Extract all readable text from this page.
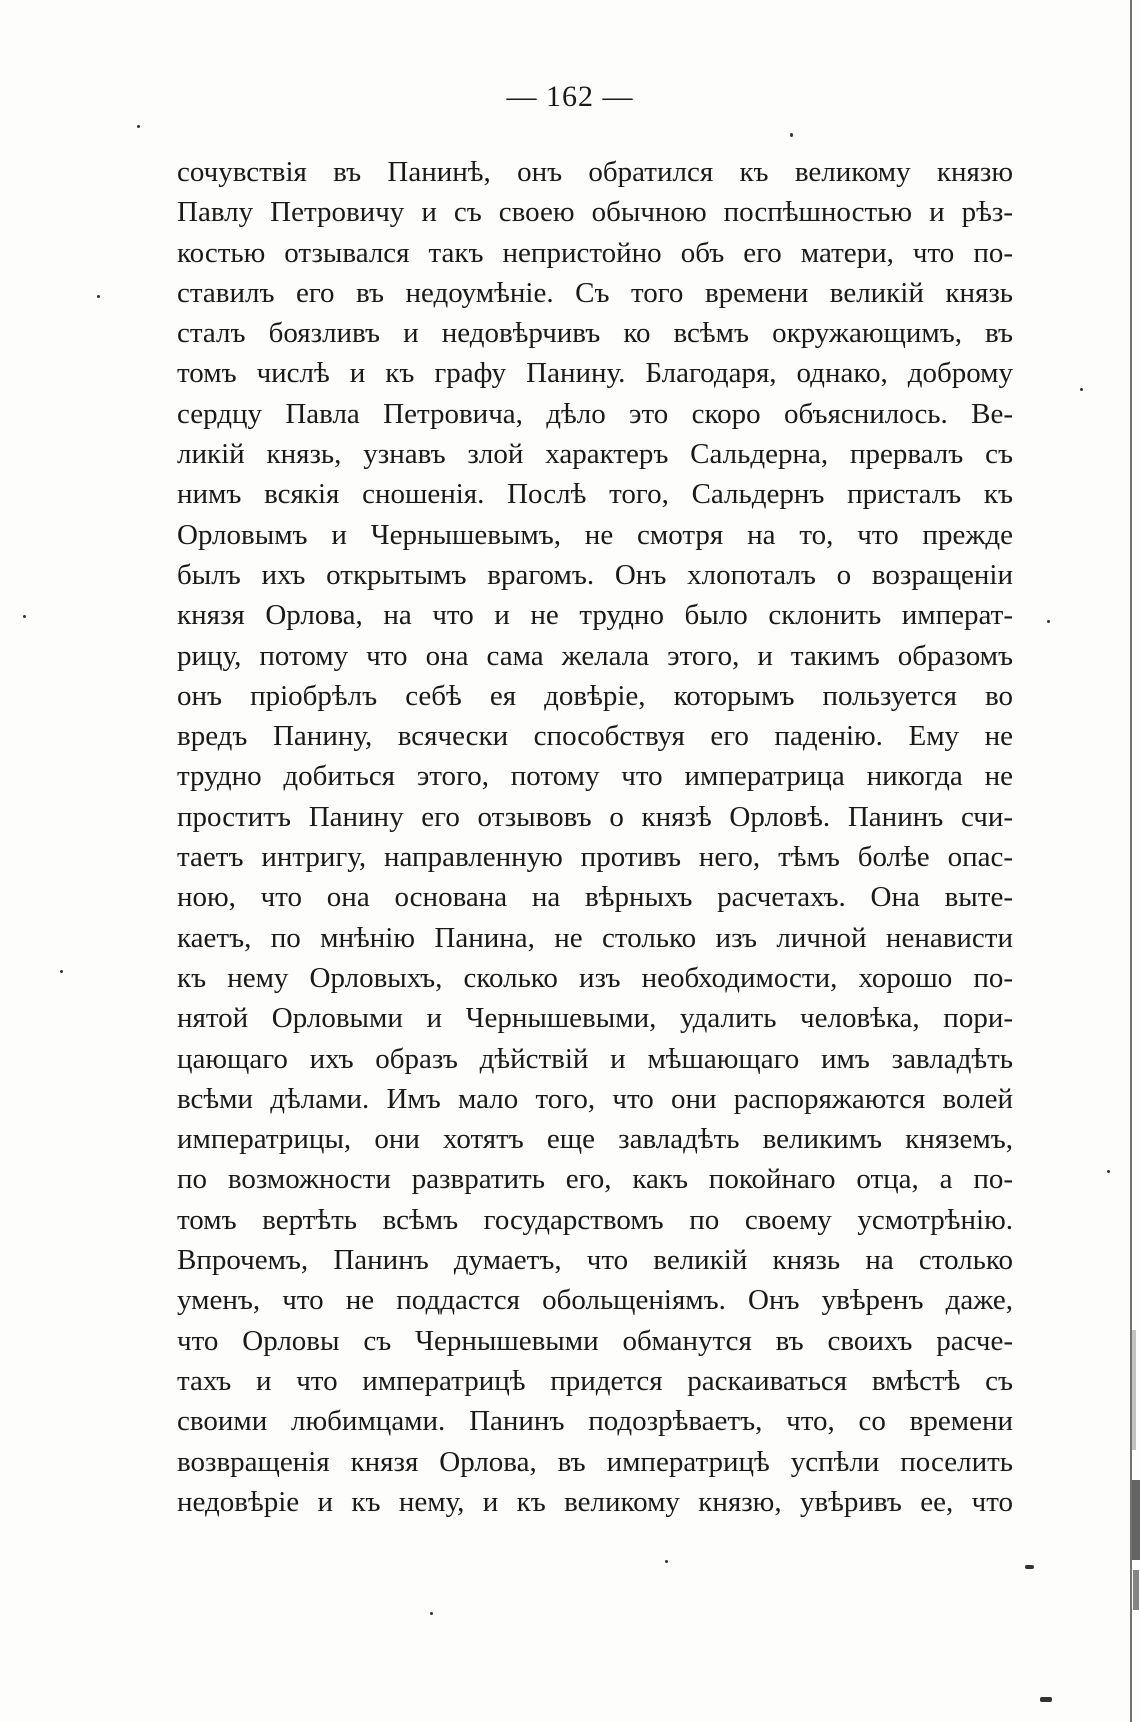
— 162 —
сочувствія въ Панинѣ, онъ обратился къ великому князю
Павлу Петровичу и съ своею обычною поспѣшностью и рѣз-
костью отзывался такъ непристойно объ его матери, что по-
ставилъ его въ недоумѣніе. Съ того времени великій князь
сталъ боязливъ и недовѣрчивъ ко всѣмъ окружающимъ, въ
томъ числѣ и къ графу Панину. Благодаря, однако, доброму
сердцу Павла Петровича, дѣло это скоро объяснилось. Ве-
ликій князь, узнавъ злой характеръ Сальдерна, прервалъ съ
нимъ всякія сношенія. Послѣ того, Сальдернъ присталъ къ
Орловымъ и Чернышевымъ, не смотря на то, что прежде
былъ ихъ открытымъ врагомъ. Онъ хлопоталъ о возращеніи
князя Орлова, на что и не трудно было склонить императ-
рицу, потому что она сама желала этого, и такимъ образомъ
онъ пріобрѣлъ себѣ ея довѣріе, которымъ пользуется во
вредъ Панину, всячески способствуя его паденію. Ему не
трудно добиться этого, потому что императрица никогда не
проститъ Панину его отзывовъ о князѣ Орловѣ. Панинъ счи-
таетъ интригу, направленную противъ него, тѣмъ болѣе опас-
ною, что она основана на вѣрныхъ расчетахъ. Она выте-
каетъ, по мнѣнію Панина, не столько изъ личной ненависти
къ нему Орловыхъ, сколько изъ необходимости, хорошо по-
нятой Орловыми и Чернышевыми, удалить человѣка, пори-
цающаго ихъ образъ дѣйствій и мѣшающаго имъ завладѣть
всѣми дѣлами. Имъ мало того, что они распоряжаются волей
императрицы, они хотятъ еще завладѣть великимъ княземъ,
по возможности развратить его, какъ покойнаго отца, а по-
томъ вертѣть всѣмъ государствомъ по своему усмотрѣнію.
Впрочемъ, Панинъ думаетъ, что великій князь на столько
уменъ, что не поддастся обольщеніямъ. Онъ увѣренъ даже,
что Орловы съ Чернышевыми обманутся въ своихъ расче-
тахъ и что императрицѣ придется раскаиваться вмѣстѣ съ
своими любимцами. Панинъ подозрѣваетъ, что, со времени
возвращенія князя Орлова, въ императрицѣ успѣли поселить
недовѣріе и къ нему, и къ великому князю, увѣривъ ее, что
